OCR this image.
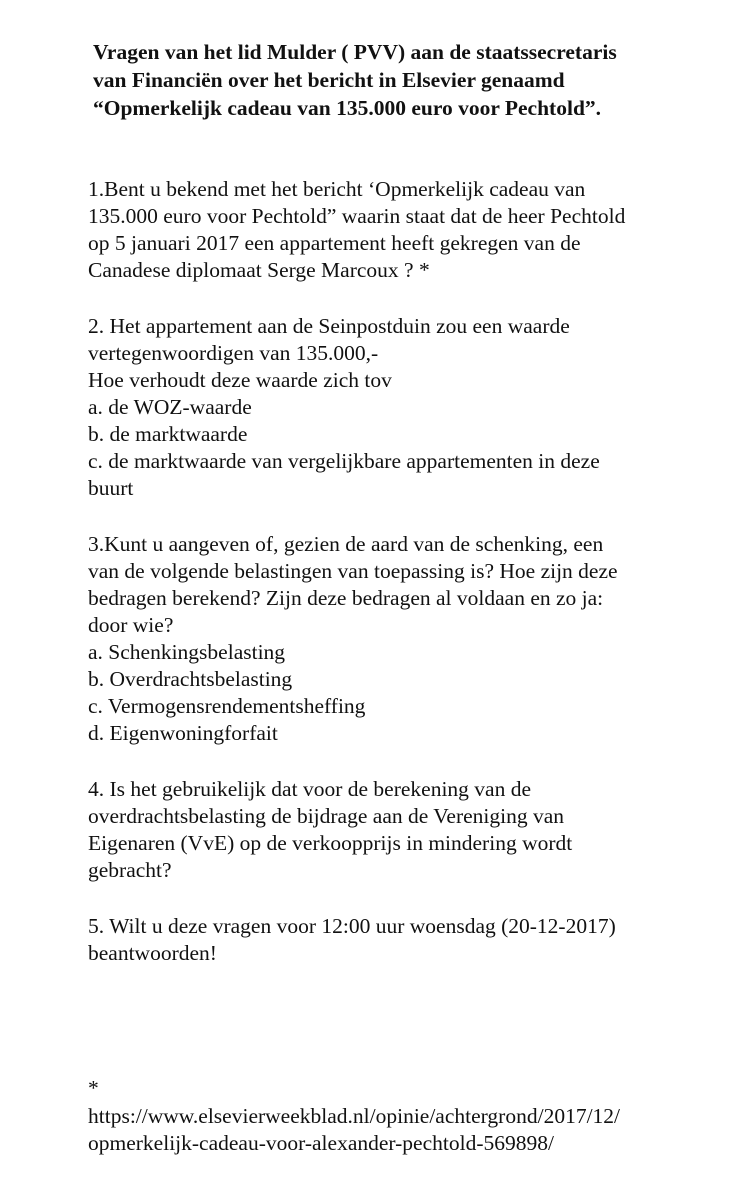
Vragen van het lid Mulder ( PVV) aan de staatssecretaris
van Financiën over het bericht in Elsevier genaamd
“Opmerkelijk cadeau van 135.000 euro voor Pechtold”.
1.Bent u bekend met het bericht ‘Opmerkelijk cadeau van
135.000 euro voor Pechtold” waarin staat dat de heer Pechtold
op 5 januari 2017 een appartement heeft gekregen van de
Canadese diplomaat Serge Marcoux ? *
2. Het appartement aan de Seinpostduin zou een waarde
vertegenwoordigen van 135.000,-
Hoe verhoudt deze waarde zich tov
a. de WOZ-waarde
b. de marktwaarde
c. de marktwaarde van vergelijkbare appartementen in deze
buurt
3.Kunt u aangeven of, gezien de aard van de schenking, een
van de volgende belastingen van toepassing is? Hoe zijn deze
bedragen berekend? Zijn deze bedragen al voldaan en zo ja:
door wie?
a. Schenkingsbelasting
b. Overdrachtsbelasting
c. Vermogensrendementsheffing
d. Eigenwoningforfait
4. Is het gebruikelijk dat voor de berekening van de
overdrachtsbelasting de bijdrage aan de Vereniging van
Eigenaren (VvE) op de verkoopprijs in mindering wordt
gebracht?
5. Wilt u deze vragen voor 12:00 uur woensdag (20-12-2017)
beantwoorden!
*
https://www.elsevierweekblad.nl/opinie/achtergrond/2017/12/
opmerkelijk-cadeau-voor-alexander-pechtold-569898/
